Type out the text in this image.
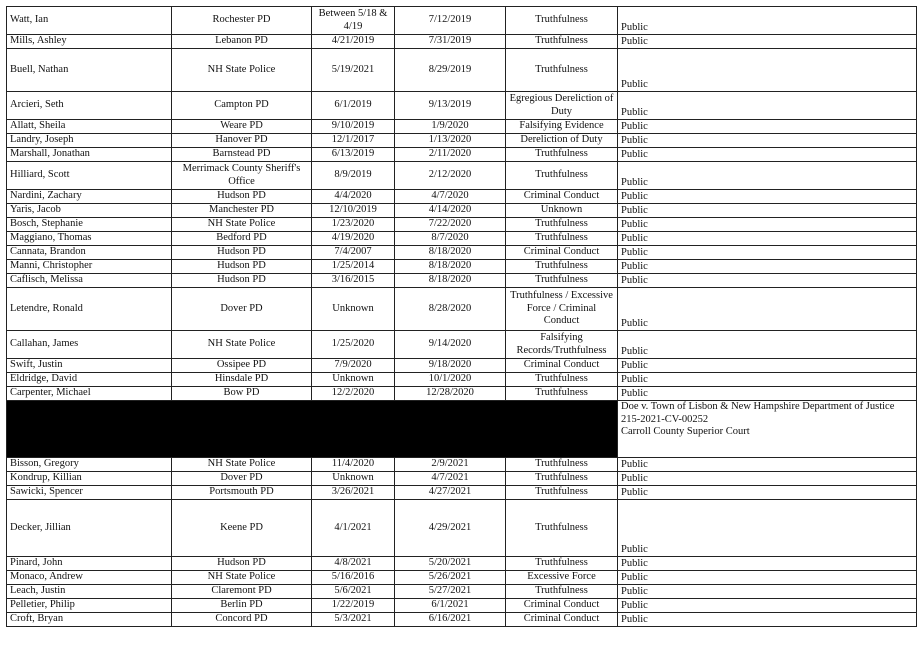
Watt, Ian	Rochester PD	Between 5/18 & 4/19	7/12/2019	Truthfulness	Public
Mills, Ashley	Lebanon PD	4/21/2019	7/31/2019	Truthfulness	Public
Buell, Nathan	NH State Police	5/19/2021	8/29/2019	Truthfulness	Public
Arcieri, Seth	Campton PD	6/1/2019	9/13/2019	Egregious Dereliction of Duty	Public
Allatt, Sheila	Weare PD	9/10/2019	1/9/2020	Falsifying Evidence	Public
Landry, Joseph	Hanover PD	12/1/2017	1/13/2020	Dereliction of Duty	Public
Marshall, Jonathan	Barnstead PD	6/13/2019	2/11/2020	Truthfulness	Public
Hilliard, Scott	Merrimack County Sheriff's Office	8/9/2019	2/12/2020	Truthfulness	Public
Nardini, Zachary	Hudson PD	4/4/2020	4/7/2020	Criminal Conduct	Public
Yaris, Jacob	Manchester PD	12/10/2019	4/14/2020	Unknown	Public
Bosch, Stephanie	NH State Police	1/23/2020	7/22/2020	Truthfulness	Public
Maggiano, Thomas	Bedford PD	4/19/2020	8/7/2020	Truthfulness	Public
Cannata, Brandon	Hudson PD	7/4/2007	8/18/2020	Criminal Conduct	Public
Manni, Christopher	Hudson PD	1/25/2014	8/18/2020	Truthfulness	Public
Caflisch, Melissa	Hudson PD	3/16/2015	8/18/2020	Truthfulness	Public
Letendre, Ronald	Dover PD	Unknown	8/28/2020	Truthfulness / Excessive Force / Criminal Conduct	Public
Callahan, James	NH State Police	1/25/2020	9/14/2020	Falsifying Records/Truthfulness	Public
Swift, Justin	Ossipee PD	7/9/2020	9/18/2020	Criminal Conduct	Public
Eldridge, David	Hinsdale PD	Unknown	10/1/2020	Truthfulness	Public
Carpenter, Michael	Bow PD	12/2/2020	12/28/2020	Truthfulness	Public

					Doe v. Town of Lisbon & New Hampshire Department of Justice
215-2021-CV-00252
Carroll County Superior Court

Bisson, Gregory	NH State Police	11/4/2020	2/9/2021	Truthfulness	Public
Kondrup, Killian	Dover PD	Unknown	4/7/2021	Truthfulness	Public
Sawicki, Spencer	Portsmouth PD	3/26/2021	4/27/2021	Truthfulness	Public
Decker, Jillian	Keene PD	4/1/2021	4/29/2021	Truthfulness	Public
Pinard, John	Hudson PD	4/8/2021	5/20/2021	Truthfulness	Public
Monaco, Andrew	NH State Police	5/16/2016	5/26/2021	Excessive Force	Public
Leach, Justin	Claremont PD	5/6/2021	5/27/2021	Truthfulness	Public
Pelletier, Philip	Berlin PD	1/22/2019	6/1/2021	Criminal Conduct	Public
Croft, Bryan	Concord PD	5/3/2021	6/16/2021	Criminal Conduct	Public
